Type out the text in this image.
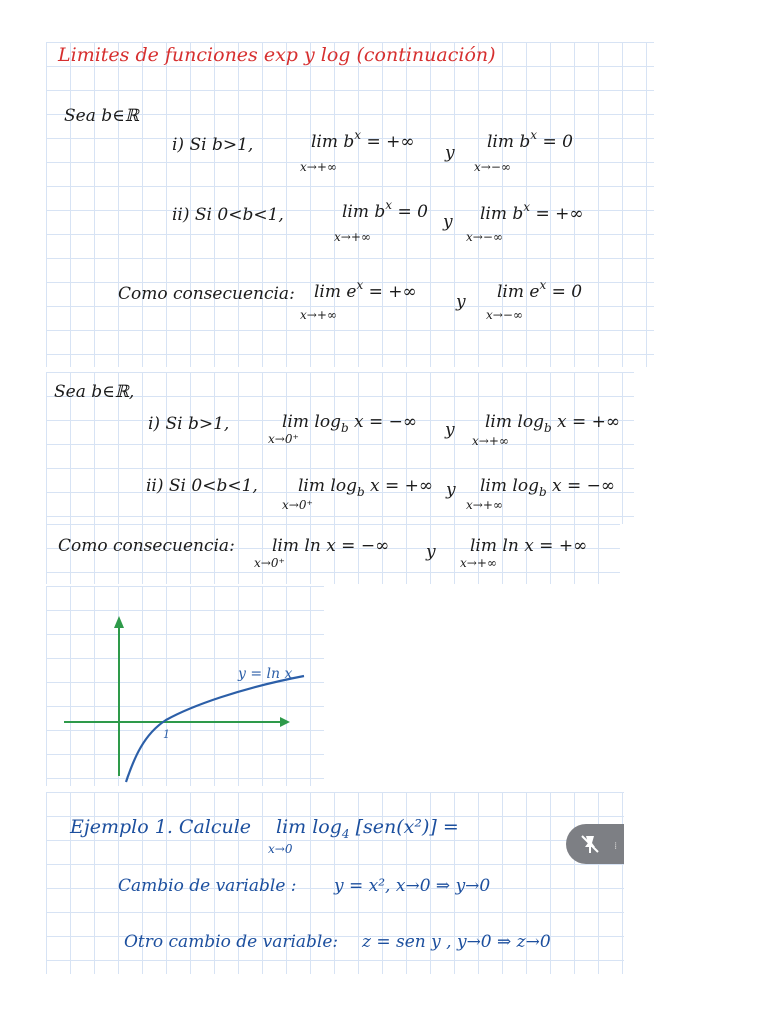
Limites de funciones exp y log (continuación)
Sea b∈ℝ
i) Si b>1,	$\lim b^x$ = +∞
x→+∞
y
$\lim b^x = 0$
x→−∞
ii) Si 0<b<1,	$\lim b^x = 0$
x→+∞
y $\lim b^x$ = +∞
x→−∞
Como consecuencia: $\lim e^x$ = +∞
x→+∞
y $\lim e^x = 0$
x→−∞
Sea b∈ℝ,
i) Si b>1,	$\lim \log_b x$ = −∞
x→0⁺	y $\lim \log_b x$ = +∞
x→+∞
ii) Si 0<b<1, $\lim \log_b x$ = +∞
x→0⁺
y $\lim \log_b x$ = −∞
x→+∞
Como consecuencia: lim ln x = −∞
x→0⁺
y lim ln x = +∞
x→+∞
y = ln x
1
Ejemplo 1. Calcule $\lim \log_4 [sen(x^2)]$ =
x→0
Cambio de variable : y = x², x→0 ⇒ y→0
Otro cambio de variable: z = sen y , y→0 ⇒ z→0
⁞
